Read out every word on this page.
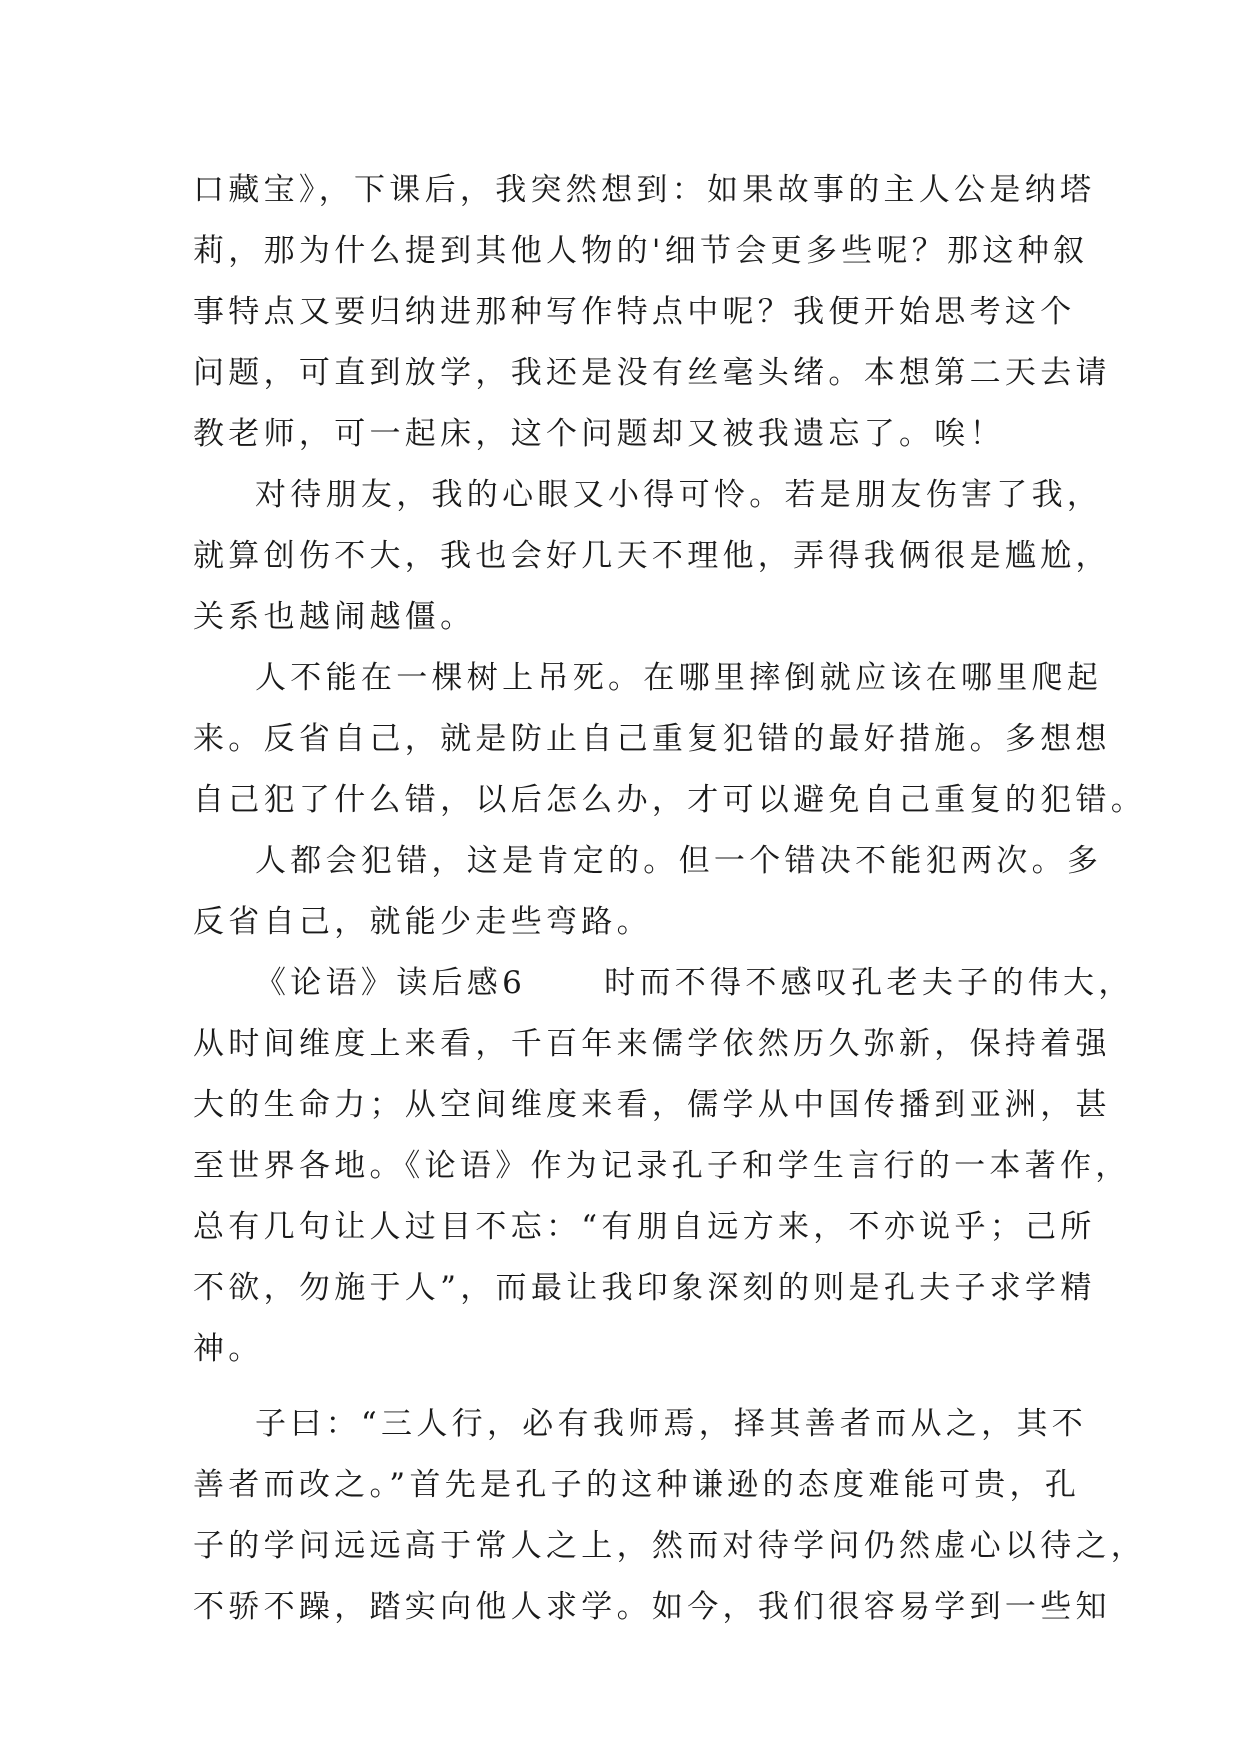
口藏宝》，下课后，我突然想到：如果故事的主人公是纳塔
莉，那为什么提到其他人物的'细节会更多些呢？那这种叙
事特点又要归纳进那种写作特点中呢？我便开始思考这个
问题，可直到放学，我还是没有丝毫头绪。本想第二天去请
教老师，可一起床，这个问题却又被我遗忘了。唉！
对待朋友，我的心眼又小得可怜。若是朋友伤害了我，
就算创伤不大，我也会好几天不理他，弄得我俩很是尴尬，
关系也越闹越僵。
人不能在一棵树上吊死。在哪里摔倒就应该在哪里爬起
来。反省自己，就是防止自己重复犯错的最好措施。多想想
自己犯了什么错，以后怎么办，才可以避免自己重复的犯错。
人都会犯错，这是肯定的。但一个错决不能犯两次。多
反省自己，就能少走些弯路。
《论语》读后感6	时而不得不感叹孔老夫子的伟大，
从时间维度上来看，千百年来儒学依然历久弥新，保持着强
大的生命力；从空间维度来看，儒学从中国传播到亚洲，甚
至世界各地。《论语》作为记录孔子和学生言行的一本著作，
总有几句让人过目不忘：“有朋自远方来，不亦说乎；己所
不欲，勿施于人”，而最让我印象深刻的则是孔夫子求学精
神。
子曰：“三人行，必有我师焉，择其善者而从之，其不
善者而改之。”首先是孔子的这种谦逊的态度难能可贵，孔
子的学问远远高于常人之上，然而对待学问仍然虚心以待之，
不骄不躁，踏实向他人求学。如今，我们很容易学到一些知
